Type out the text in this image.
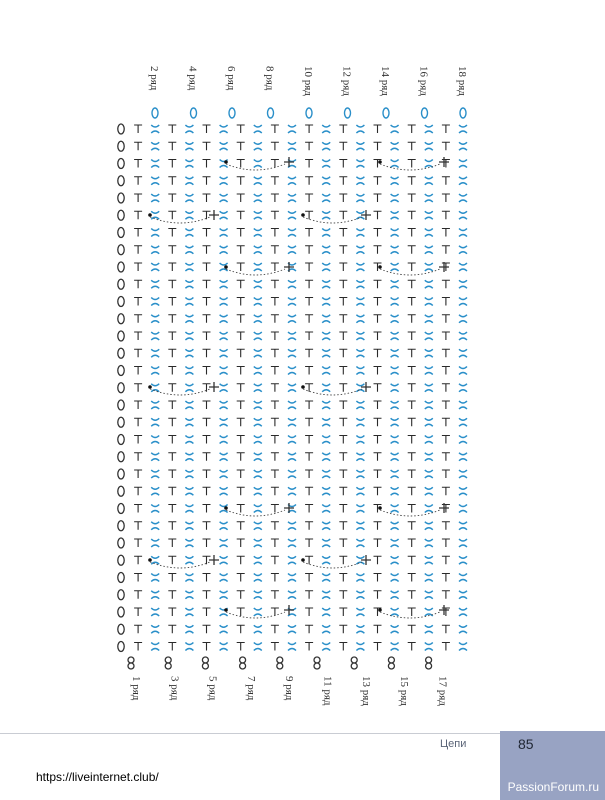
2 ряд 4 ряд 6 ряд 8 ряд 10 ряд 12 ряд 14 ряд 16 ряд 18 ряд
1 ряд 3 ряд 5 ряд 7 ряд 9 ряд 11 ряд 13 ряд 15 ряд 17 ряд
Цепи	85
https://liveinternet.club/
PassionForum.ru
